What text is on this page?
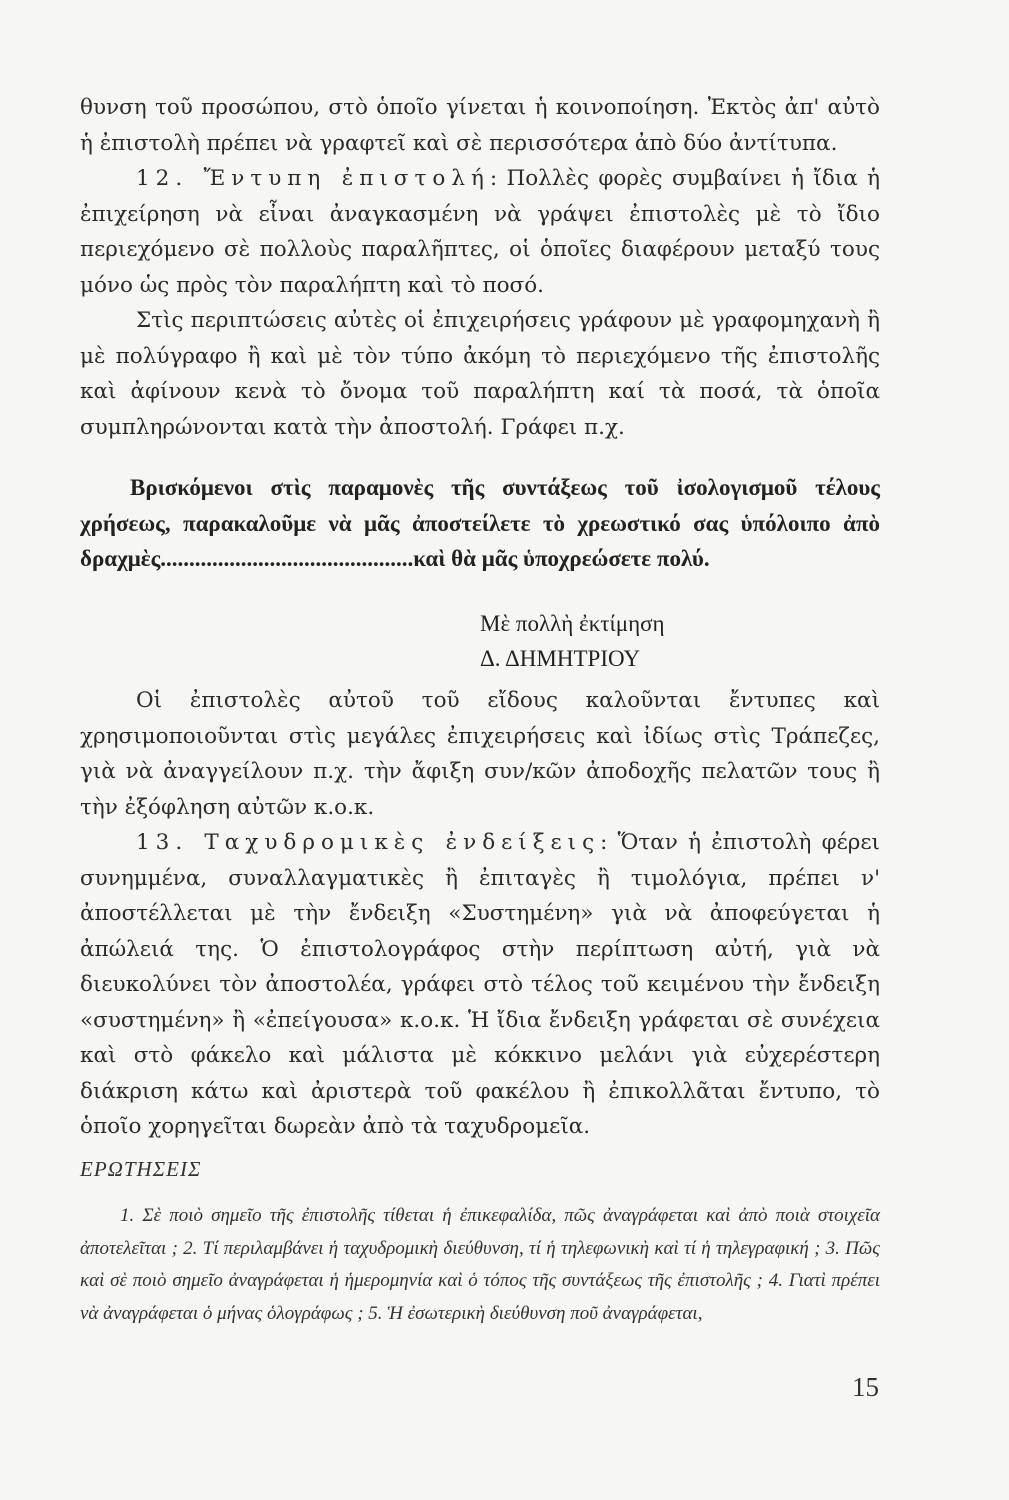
θυνση τοῦ προσώπου, στὸ ὁποῖο γίνεται ἡ κοινοποίηση. Ἐκτὸς ἀπ' αὐτὸ ἡ ἐπιστολὴ πρέπει νὰ γραφτεῖ καὶ σὲ περισσότερα ἀπὸ δύο ἀντίτυπα.

12. Ἔντυπη ἐπιστολή: Πολλὲς φορὲς συμβαίνει ἡ ἴδια ἡ ἐπιχείρηση νὰ εἶναι ἀναγκασμένη νὰ γράψει ἐπιστολὲς μὲ τὸ ἴδιο περιεχόμενο σὲ πολλοὺς παραλῆπτες, οἱ ὁποῖες διαφέρουν μεταξύ τους μόνο ὡς πρὸς τὸν παραλήπτη καὶ τὸ ποσό.

Στὶς περιπτώσεις αὐτὲς οἱ ἐπιχειρήσεις γράφουν μὲ γραφομηχανὴ ἢ μὲ πολύγραφο ἢ καὶ μὲ τὸν τύπο ἀκόμη τὸ περιεχόμενο τῆς ἐπιστολῆς καὶ ἀφίνουν κενὰ τὸ ὄνομα τοῦ παραλήπτη καί τὰ ποσά, τὰ ὁποῖα συμπληρώνονται κατὰ τὴν ἀποστολή. Γράφει π.χ.

Βρισκόμενοι στὶς παραμονὲς τῆς συντάξεως τοῦ ἰσολογισμοῦ τέλους χρήσεως, παρακαλοῦμε νὰ μᾶς ἀποστείλετε τὸ χρεωστικό σας ὑπόλοιπο ἀπὸ δραχμὲς............................................καὶ θὰ μᾶς ὑποχρεώσετε πολύ.

Μὲ πολλὴ ἐκτίμηση
Δ. ΔΗΜΗΤΡΙΟΥ

Οἱ ἐπιστολὲς αὐτοῦ τοῦ εἴδους καλοῦνται ἔντυπες καὶ χρησιμοποιοῦνται στὶς μεγάλες ἐπιχειρήσεις καὶ ἰδίως στὶς Τράπεζες, γιὰ νὰ ἀναγγείλουν π.χ. τὴν ἄφιξη συν/κῶν ἀποδοχῆς πελατῶν τους ἢ τὴν ἐξόφληση αὐτῶν κ.ο.κ.

13. Ταχυδρομικὲς ἐνδείξεις: Ὅταν ἡ ἐπιστολὴ φέρει συνημμένα, συναλλαγματικὲς ἢ ἐπιταγὲς ἢ τιμολόγια, πρέπει ν' ἀποστέλλεται μὲ τὴν ἔνδειξη «Συστημένη» γιὰ νὰ ἀποφεύγεται ἡ ἀπώλειά της. Ὁ ἐπιστολογράφος στὴν περίπτωση αὐτή, γιὰ νὰ διευκολύνει τὸν ἀποστολέα, γράφει στὸ τέλος τοῦ κειμένου τὴν ἔνδειξη «συστημένη» ἢ «ἐπείγουσα» κ.ο.κ. Ἡ ἴδια ἔνδειξη γράφεται σὲ συνέχεια καὶ στὸ φάκελο καὶ μάλιστα μὲ κόκκινο μελάνι γιὰ εὐχερέστερη διάκριση κάτω καὶ ἀριστερὰ τοῦ φακέλου ἢ ἐπικολλᾶται ἔντυπο, τὸ ὁποῖο χορηγεῖται δωρεὰν ἀπὸ τὰ ταχυδρομεῖα.

ΕΡΩΤΗΣΕΙΣ

1. Σὲ ποιὸ σημεῖο τῆς ἐπιστολῆς τίθεται ἡ ἐπικεφαλίδα, πῶς ἀναγράφεται καὶ ἀπὸ ποιὰ στοιχεῖα ἀποτελεῖται ; 2. Τί περιλαμβάνει ἡ ταχυδρομικὴ διεύθυνση, τί ἡ τηλεφωνικὴ καὶ τί ἡ τηλεγραφική ; 3. Πῶς καὶ σὲ ποιὸ σημεῖο ἀναγράφεται ἡ ἡμερομηνία καὶ ὁ τόπος τῆς συντάξεως τῆς ἐπιστολῆς ; 4. Γιατὶ πρέπει νὰ ἀναγράφεται ὁ μήνας ὁλογράφως ; 5. Ἡ ἐσωτερικὴ διεύθυνση ποῦ ἀναγράφεται,

15
